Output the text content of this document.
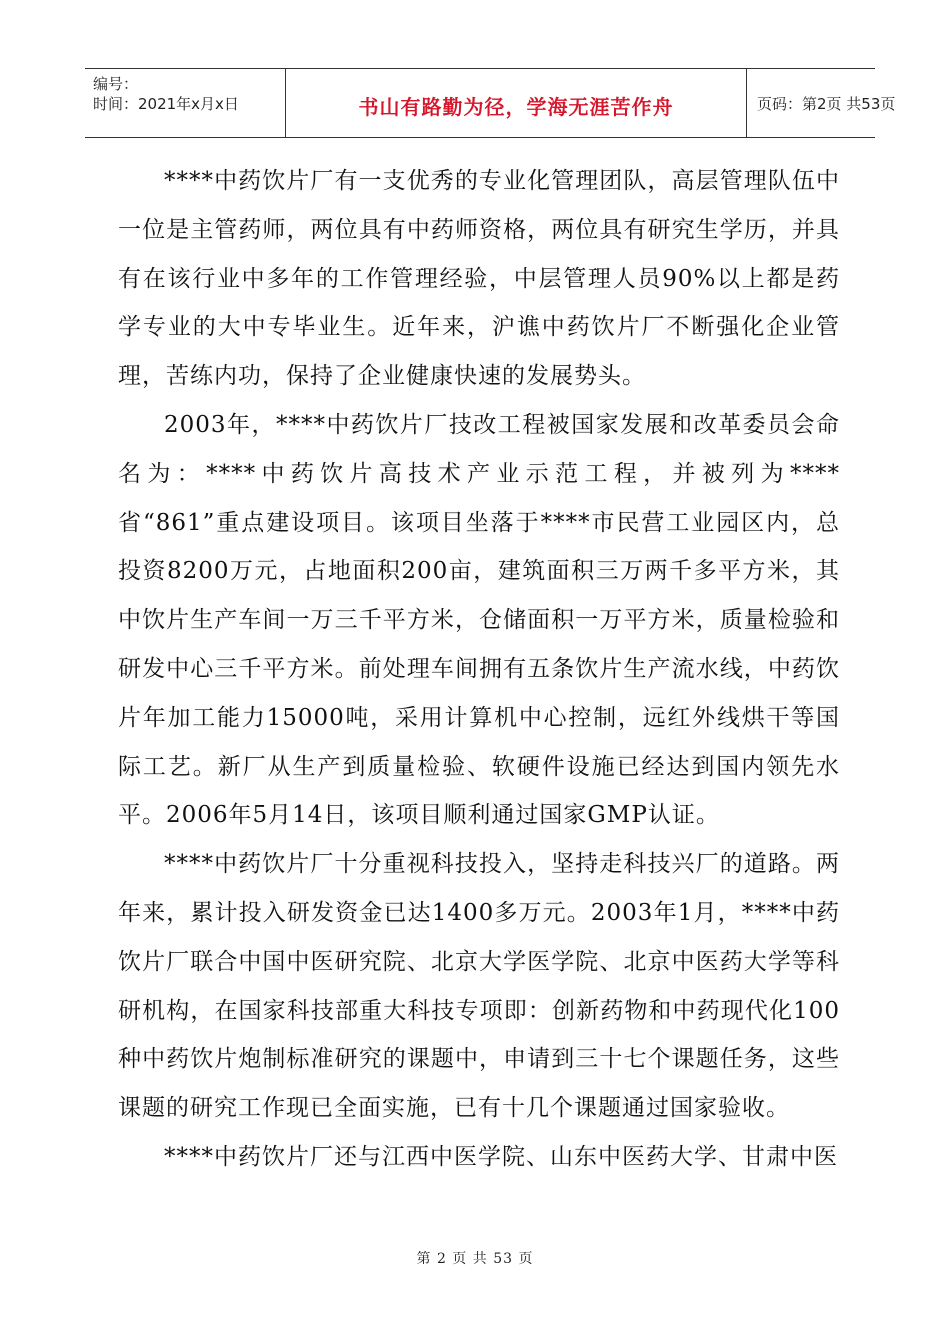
编号：
时间：2021年x月x日	书山有路勤为径，学海无涯苦作舟	页码：第2页 共53页

****中药饮片厂有一支优秀的专业化管理团队，高层管理队伍中一位是主管药师，两位具有中药师资格，两位具有研究生学历，并具有在该行业中多年的工作管理经验，中层管理人员90%以上都是药学专业的大中专毕业生。近年来，沪谯中药饮片厂不断强化企业管理，苦练内功，保持了企业健康快速的发展势头。

2003年，****中药饮片厂技改工程被国家发展和改革委员会命名为：****中药饮片高技术产业示范工程，并被列为****省“861”重点建设项目。该项目坐落于****市民营工业园区内，总投资8200万元，占地面积200亩，建筑面积三万两千多平方米，其中饮片生产车间一万三千平方米，仓储面积一万平方米，质量检验和研发中心三千平方米。前处理车间拥有五条饮片生产流水线，中药饮片年加工能力15000吨，采用计算机中心控制，远红外线烘干等国际工艺。新厂从生产到质量检验、软硬件设施已经达到国内领先水平。2006年5月14日，该项目顺利通过国家GMP认证。

****中药饮片厂十分重视科技投入，坚持走科技兴厂的道路。两年来，累计投入研发资金已达1400多万元。2003年1月，****中药饮片厂联合中国中医研究院、北京大学医学院、北京中医药大学等科研机构，在国家科技部重大科技专项即：创新药物和中药现代化100种中药饮片炮制标准研究的课题中，申请到三十七个课题任务，这些课题的研究工作现已全面实施，已有十几个课题通过国家验收。

****中药饮片厂还与江西中医学院、山东中医药大学、甘肃中医

第 2 页 共 53 页
